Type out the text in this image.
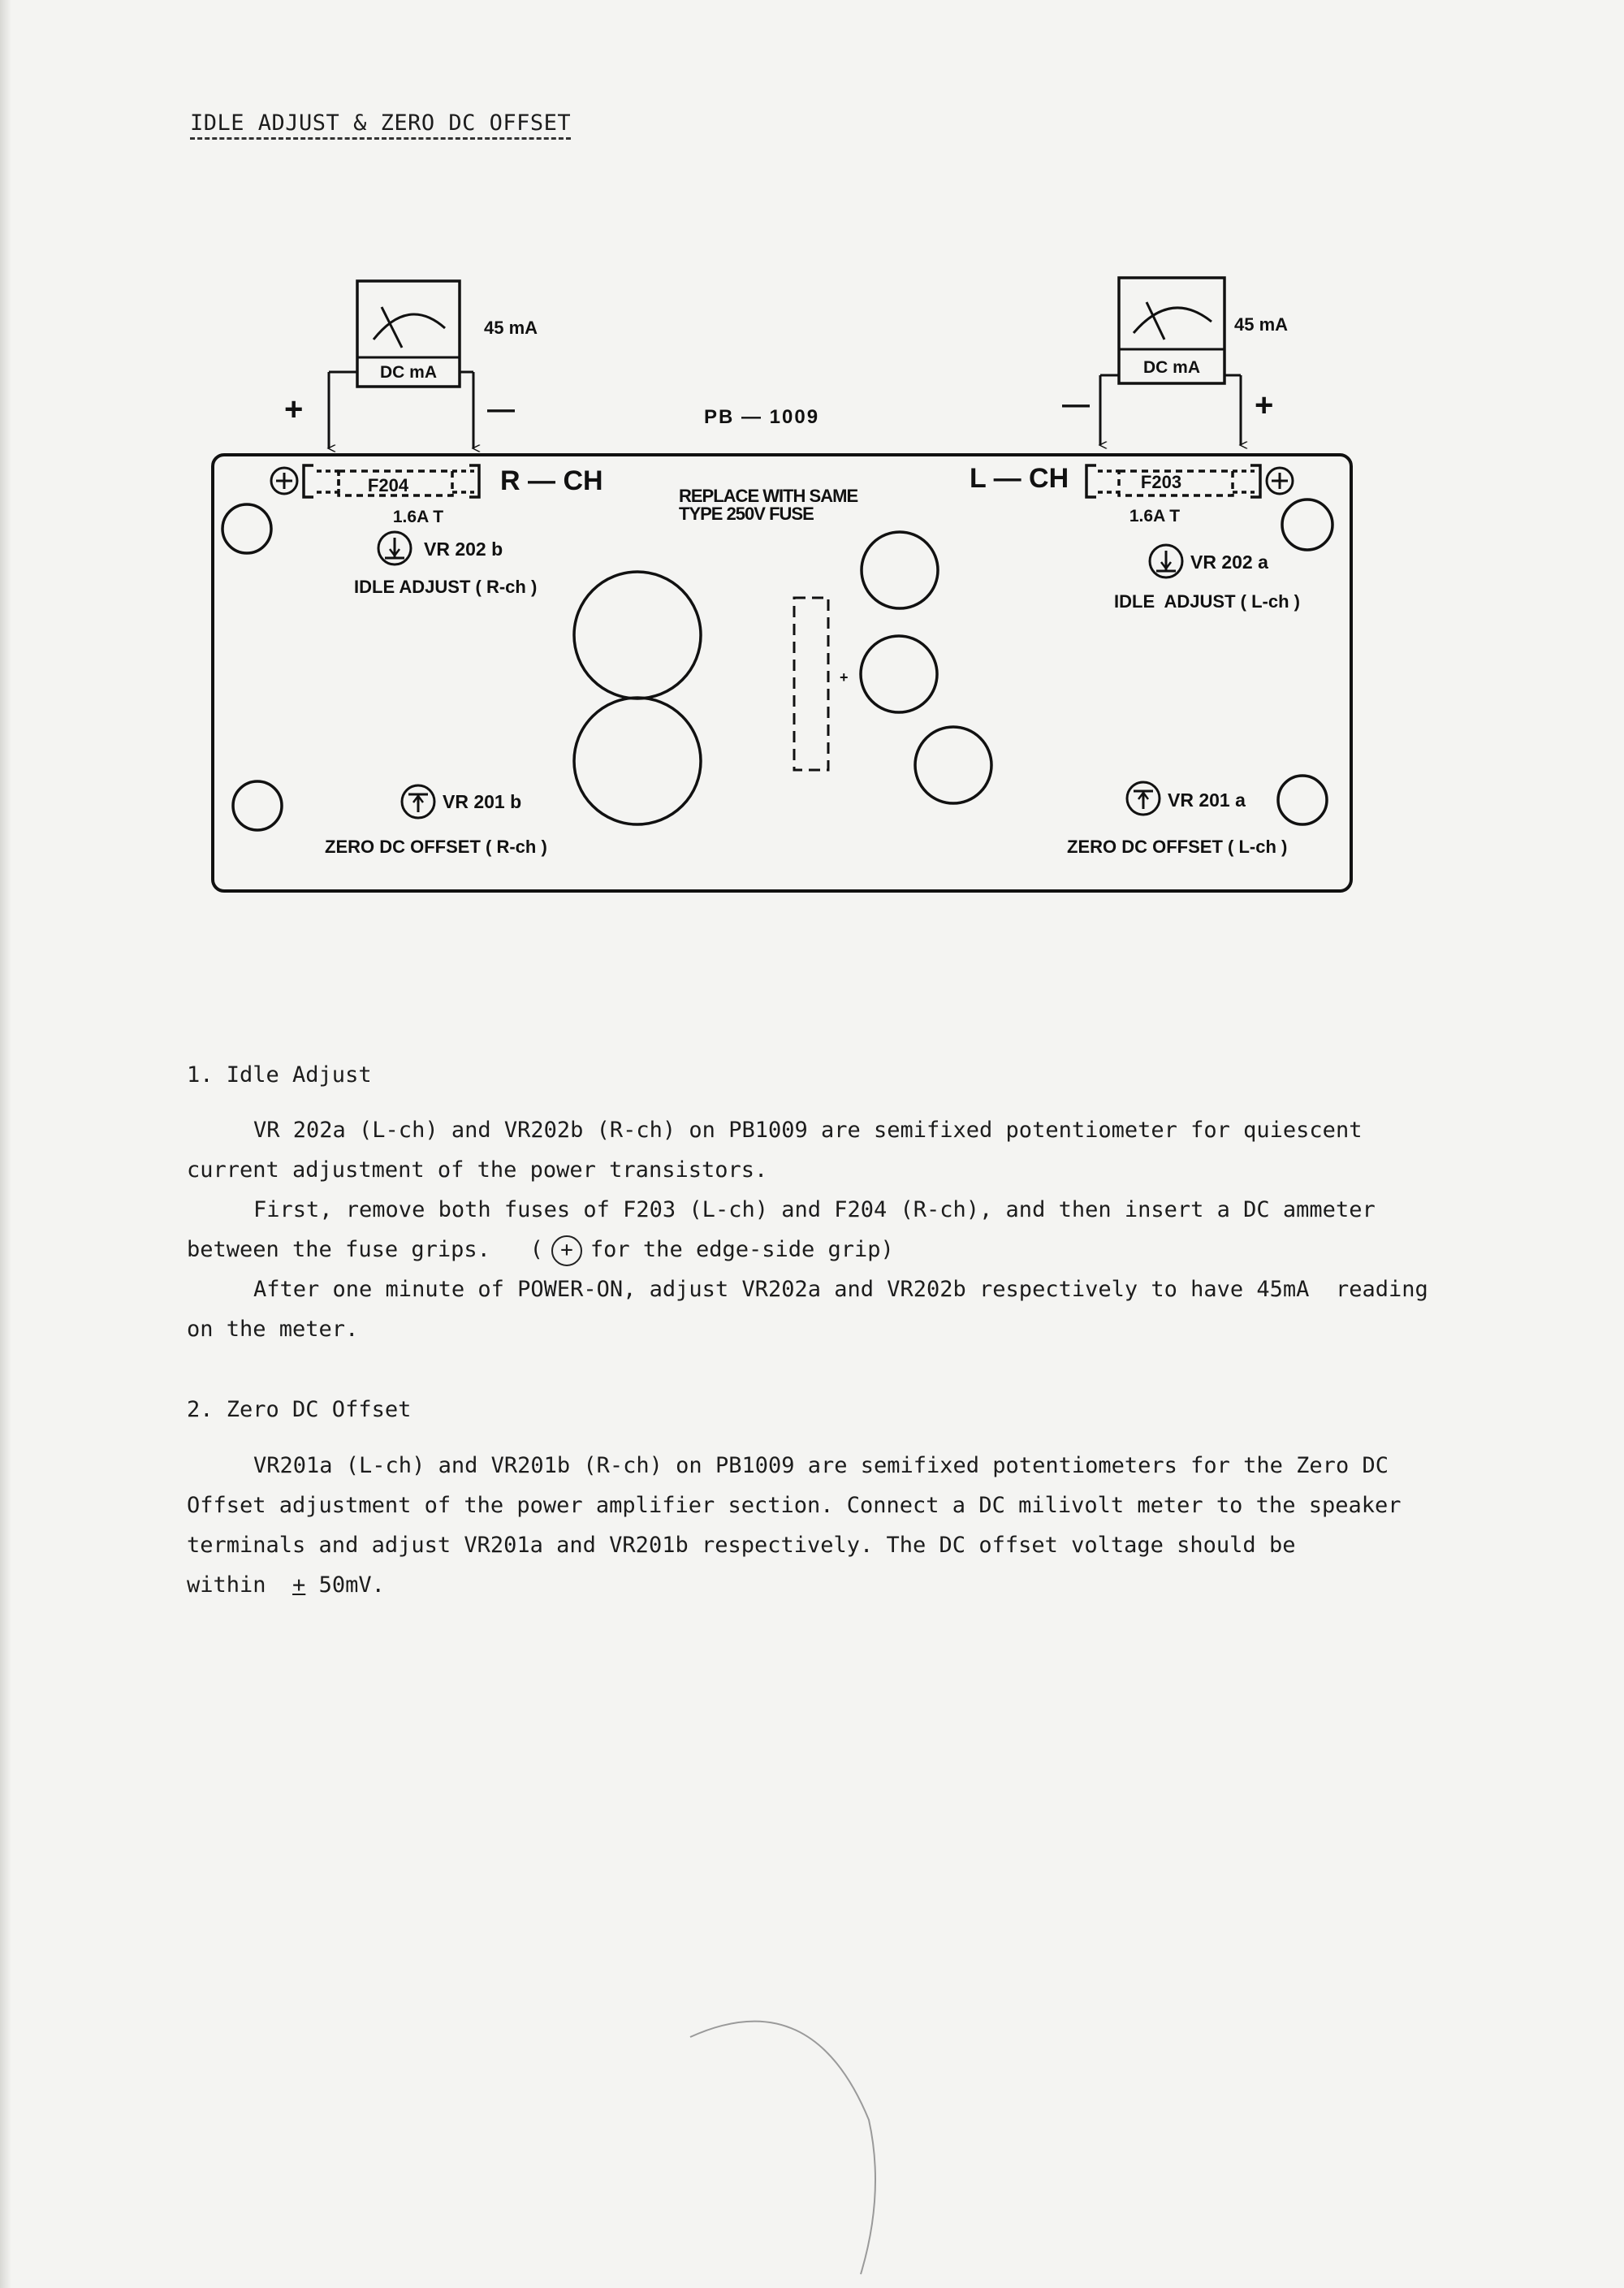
IDLE ADJUST & ZERO DC OFFSET
DC mA
45 mA
+	—
DC mA
45 mA
—	+
PB — 1009
F204	R — CH
1.6A T
L — CH	F203
1.6A T
REPLACE WITH SAME
TYPE 250V FUSE
VR 202 b
IDLE ADJUST ( R-ch )
VR 202 a
IDLE  ADJUST ( L-ch )
+
VR 201 b
ZERO DC OFFSET ( R-ch )
VR 201 a
ZERO DC OFFSET ( L-ch )
1. Idle Adjust
VR 202a (L-ch) and VR202b (R-ch) on PB1009 are semifixed potentiometer for quiescent
current adjustment of the power transistors.
First, remove both fuses of F203 (L-ch) and F204 (R-ch), and then insert a DC ammeter
between the fuse grips.   ( + for the edge-side grip)
After one minute of POWER-ON, adjust VR202a and VR202b respectively to have 45mA  reading
on the meter.
2. Zero DC Offset
VR201a (L-ch) and VR201b (R-ch) on PB1009 are semifixed potentiometers for the Zero DC
Offset adjustment of the power amplifier section. Connect a DC milivolt meter to the speaker
terminals and adjust VR201a and VR201b respectively. The DC offset voltage should be
within  + 50mV.
